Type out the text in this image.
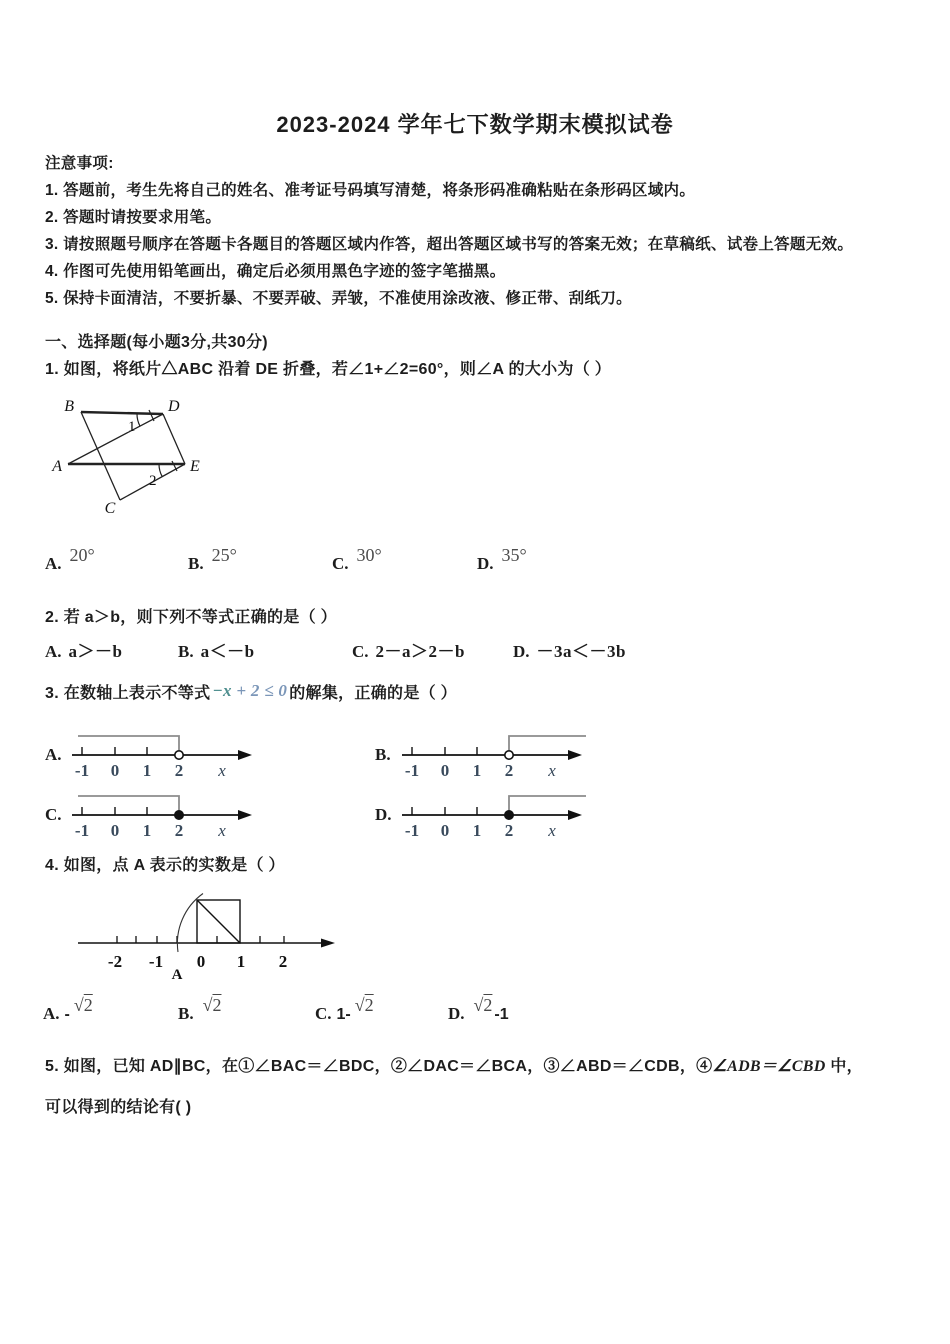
2023-2024 学年七下数学期末模拟试卷
注意事项:
1. 答题前，考生先将自己的姓名、准考证号码填写清楚，将条形码准确粘贴在条形码区域内。
2. 答题时请按要求用笔。
3. 请按照题号顺序在答题卡各题目的答题区域内作答，超出答题区域书写的答案无效；在草稿纸、试卷上答题无效。
4. 作图可先使用铅笔画出，确定后必须用黑色字迹的签字笔描黑。
5. 保持卡面清洁，不要折暴、不要弄破、弄皱，不准使用涂改液、修正带、刮纸刀。
一、选择题(每小题3分,共30分)
1. 如图，将纸片△ABC 沿着 DE 折叠，若∠1+∠2=60°，则∠A 的大小为（ ）
B	D
A	E
C
1
2
A. 20°	B. 25°	C. 30°	D. 35°
2. 若 a＞b，则下列不等式正确的是（ ）
A. a＞－b	B. a＜－b	C. 2－a＞2－b	D. －3a＜－3b
3. 在数轴上表示不等式 −x + 2 ≤ 0 的解集，正确的是（ ）
A.
-1 0 1 2 x
B.
-1 0 1 2 x
C.
-1 0 1 2 x
D.
-1 0 1 2 x
4. 如图，点 A 表示的实数是（ ）
-2 -1 0 1 2
A
A. - √2	B. √2	C. 1- √2	D. √2 -1
5. 如图，已知 AD∥BC，在①∠BAC＝∠BDC，②∠DAC＝∠BCA，③∠ABD＝∠CDB，④∠ADB＝∠CBD 中，
可以得到的结论有( )
